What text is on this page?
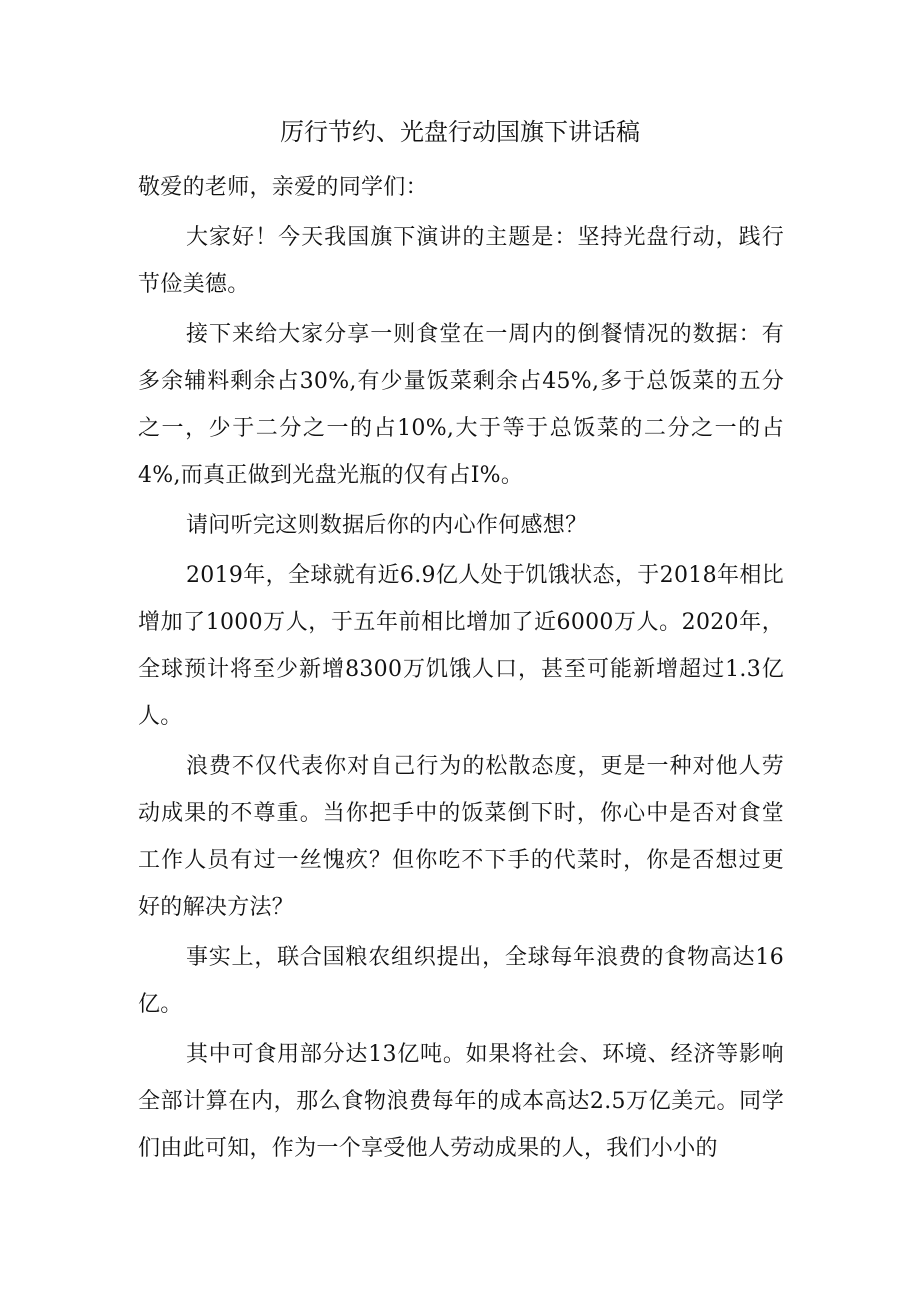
厉行节约、光盘行动国旗下讲话稿

敬爱的老师，亲爱的同学们：

大家好！今天我国旗下演讲的主题是：坚持光盘行动，践行节俭美德。

接下来给大家分享一则食堂在一周内的倒餐情况的数据：有多余辅料剩余占30%,有少量饭菜剩余占45%,多于总饭菜的五分之一，少于二分之一的占10%,大于等于总饭菜的二分之一的占4%,而真正做到光盘光瓶的仅有占I%。

请问听完这则数据后你的内心作何感想？

2019年，全球就有近6.9亿人处于饥饿状态，于2018年相比增加了1000万人，于五年前相比增加了近6000万人。2020年，全球预计将至少新增8300万饥饿人口，甚至可能新增超过1.3亿人。

浪费不仅代表你对自己行为的松散态度，更是一种对他人劳动成果的不尊重。当你把手中的饭菜倒下时，你心中是否对食堂工作人员有过一丝愧疚？但你吃不下手的代菜时，你是否想过更好的解决方法？

事实上，联合国粮农组织提出，全球每年浪费的食物高达16亿。

其中可食用部分达13亿吨。如果将社会、环境、经济等影响全部计算在内，那么食物浪费每年的成本高达2.5万亿美元。同学们由此可知，作为一个享受他人劳动成果的人，我们小小的
